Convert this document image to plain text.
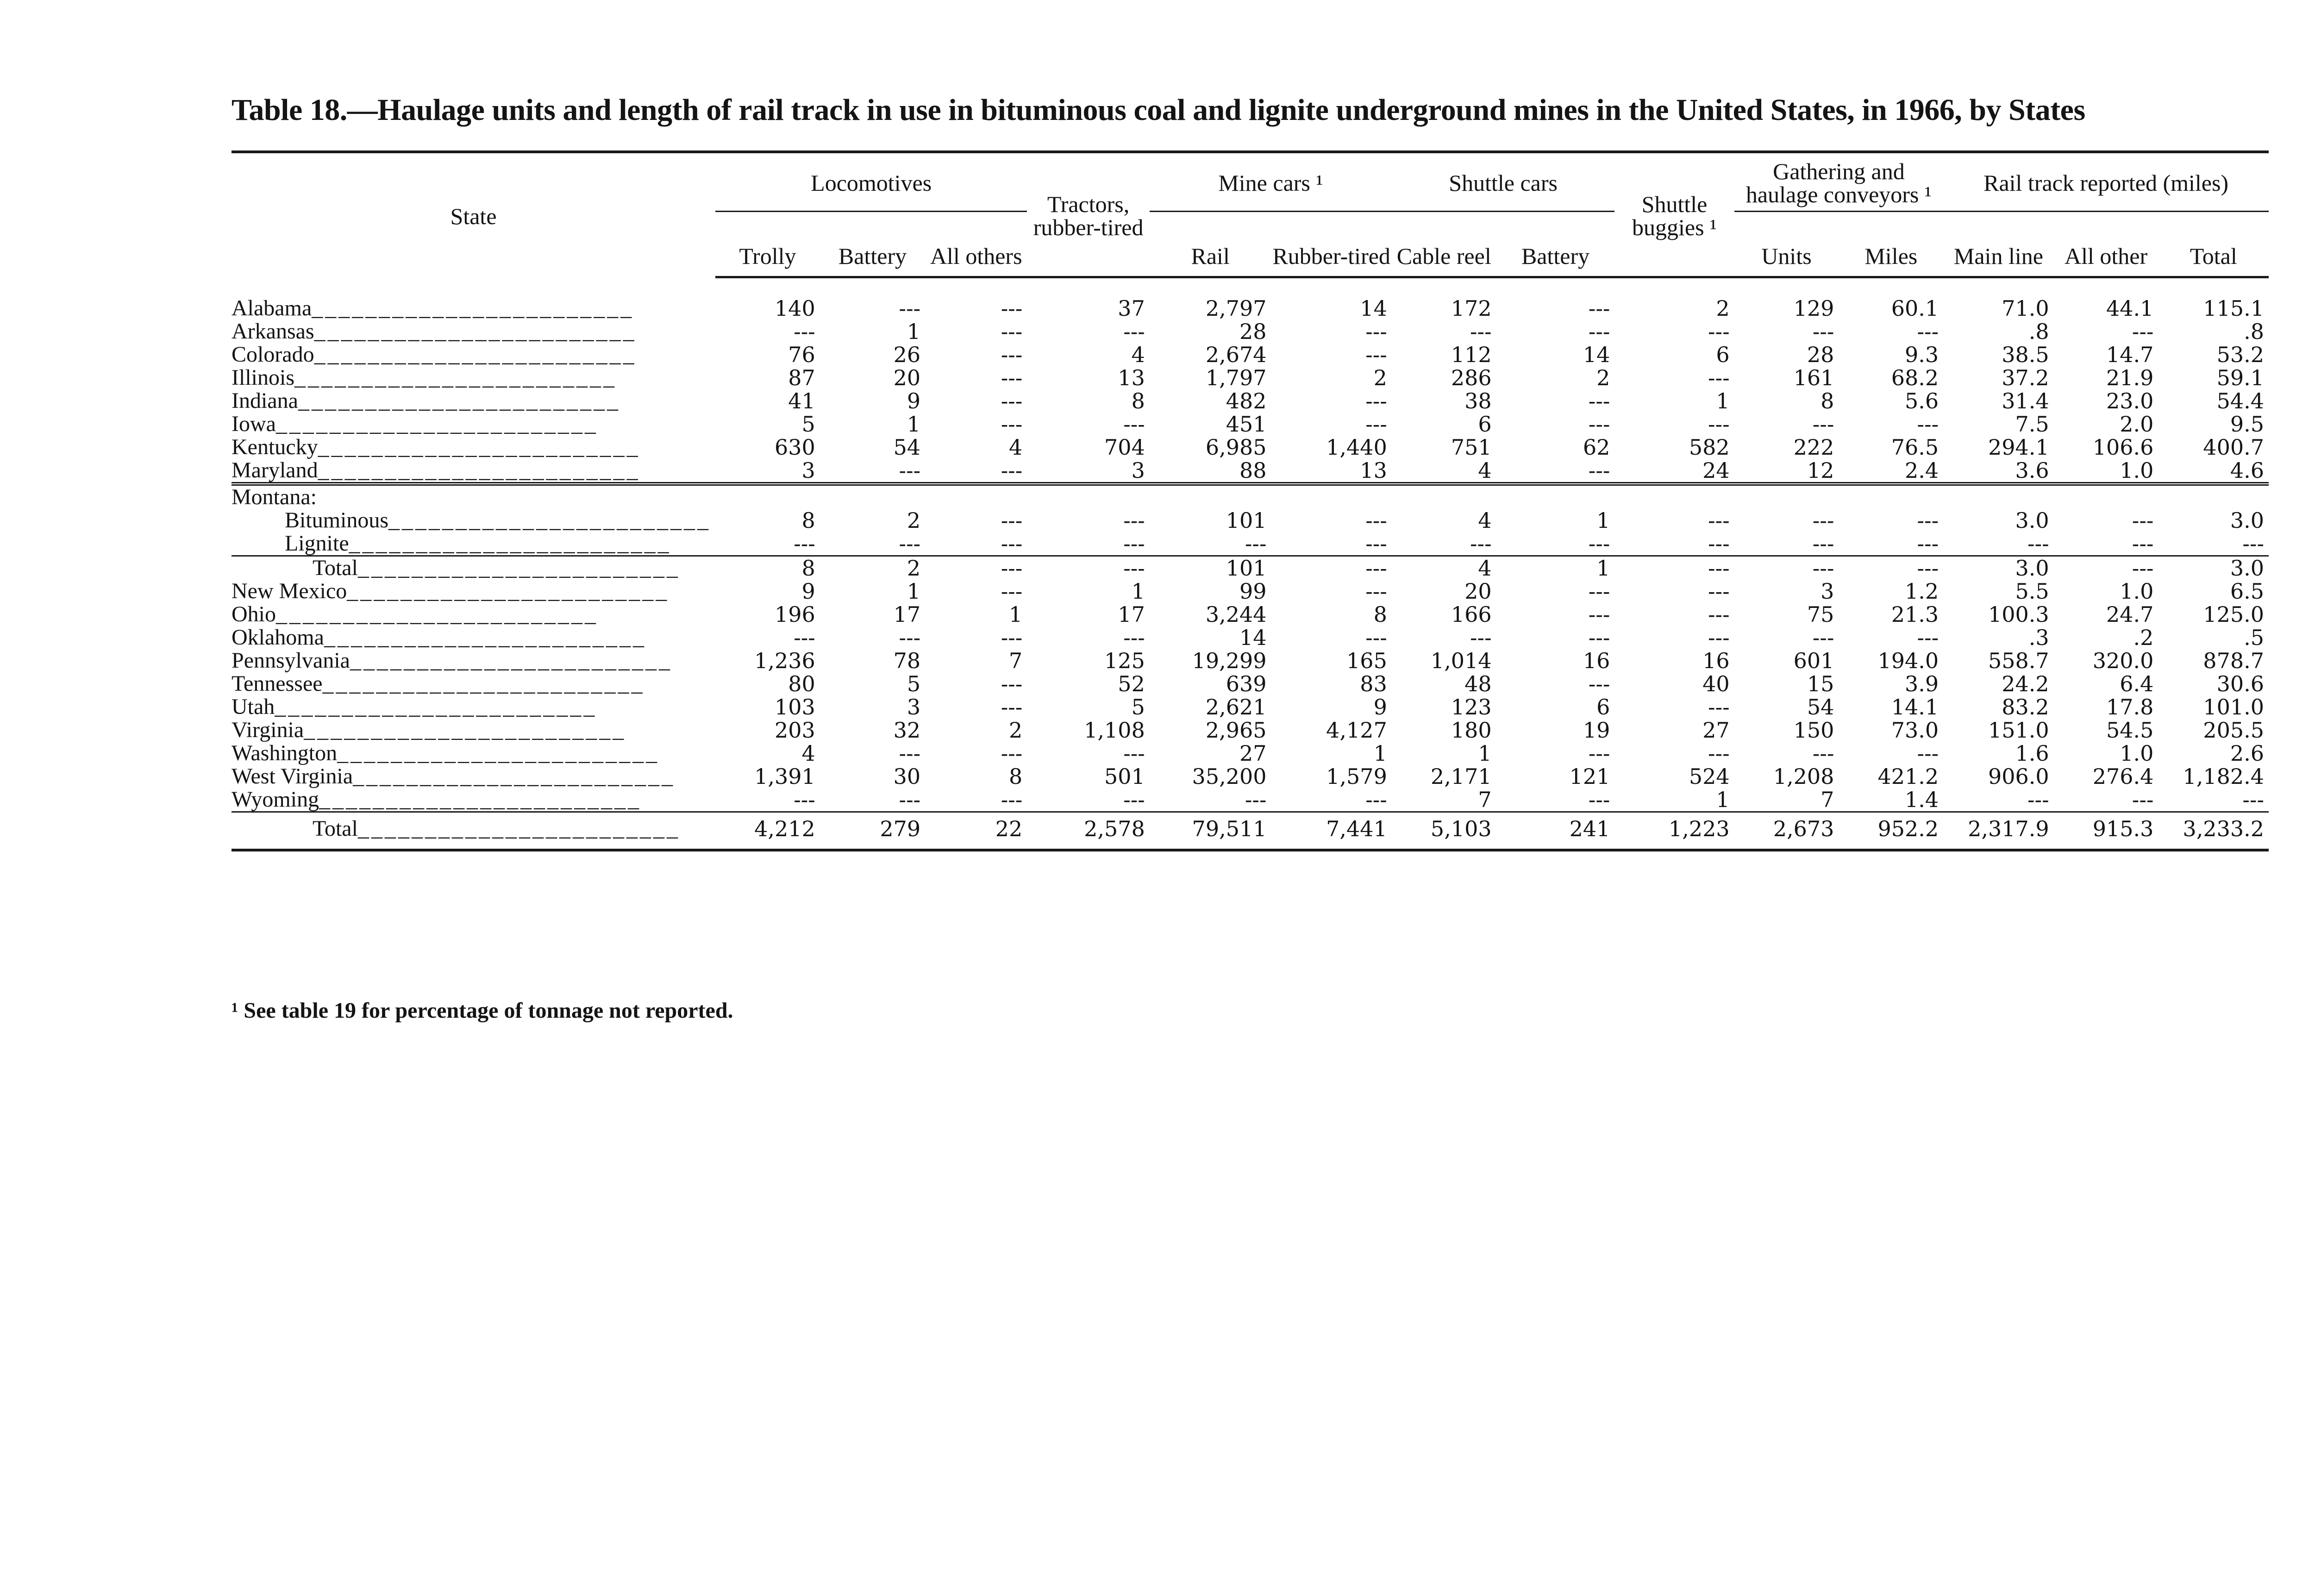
Table 18.—Haulage units and length of rail track in use in bituminous coal and lignite underground mines in the United States, in 1966, by States
State	Locomotives			Tractors, rubber-tired	Mine cars ¹		Shuttle cars		Shuttle buggies ¹	Gathering and haulage conveyors ¹		Rail track reported (miles)		
	Trolly	Battery	All others		Rail	Rubber-tired	Cable reel	Battery		Units	Miles	Main line	All other	Total

Alabama________________________	140	---	---	37	2,797	14	172	---	2	129	60.1	71.0	44.1	115.1
Arkansas________________________	---	1	---	---	28	---	---	---	---	---	---	.8	---	.8
Colorado________________________	76	26	---	4	2,674	---	112	14	6	28	9.3	38.5	14.7	53.2
Illinois________________________	87	20	---	13	1,797	2	286	2	---	161	68.2	37.2	21.9	59.1
Indiana________________________	41	9	---	8	482	---	38	---	1	8	5.6	31.4	23.0	54.4
Iowa________________________	5	1	---	---	451	---	6	---	---	---	---	7.5	2.0	9.5
Kentucky________________________	630	54	4	704	6,985	1,440	751	62	582	222	76.5	294.1	106.6	400.7
Maryland________________________	3	---	---	3	88	13	4	---	24	12	2.4	3.6	1.0	4.6
Montana:														
Bituminous________________________	8	2	---	---	101	---	4	1	---	---	---	3.0	---	3.0
Lignite________________________	---	---	---	---	---	---	---	---	---	---	---	---	---	---
Total________________________	8	2	---	---	101	---	4	1	---	---	---	3.0	---	3.0
New Mexico________________________	9	1	---	1	99	---	20	---	---	3	1.2	5.5	1.0	6.5
Ohio________________________	196	17	1	17	3,244	8	166	---	---	75	21.3	100.3	24.7	125.0
Oklahoma________________________	---	---	---	---	14	---	---	---	---	---	---	.3	.2	.5
Pennsylvania________________________	1,236	78	7	125	19,299	165	1,014	16	16	601	194.0	558.7	320.0	878.7
Tennessee________________________	80	5	---	52	639	83	48	---	40	15	3.9	24.2	6.4	30.6
Utah________________________	103	3	---	5	2,621	9	123	6	---	54	14.1	83.2	17.8	101.0
Virginia________________________	203	32	2	1,108	2,965	4,127	180	19	27	150	73.0	151.0	54.5	205.5
Washington________________________	4	---	---	---	27	1	1	---	---	---	---	1.6	1.0	2.6
West Virginia________________________	1,391	30	8	501	35,200	1,579	2,171	121	524	1,208	421.2	906.0	276.4	1,182.4
Wyoming________________________	---	---	---	---	---	---	7	---	1	7	1.4	---	---	---
Total________________________	4,212	279	22	2,578	79,511	7,441	5,103	241	1,223	2,673	952.2	2,317.9	915.3	3,233.2
¹ See table 19 for percentage of tonnage not reported.
